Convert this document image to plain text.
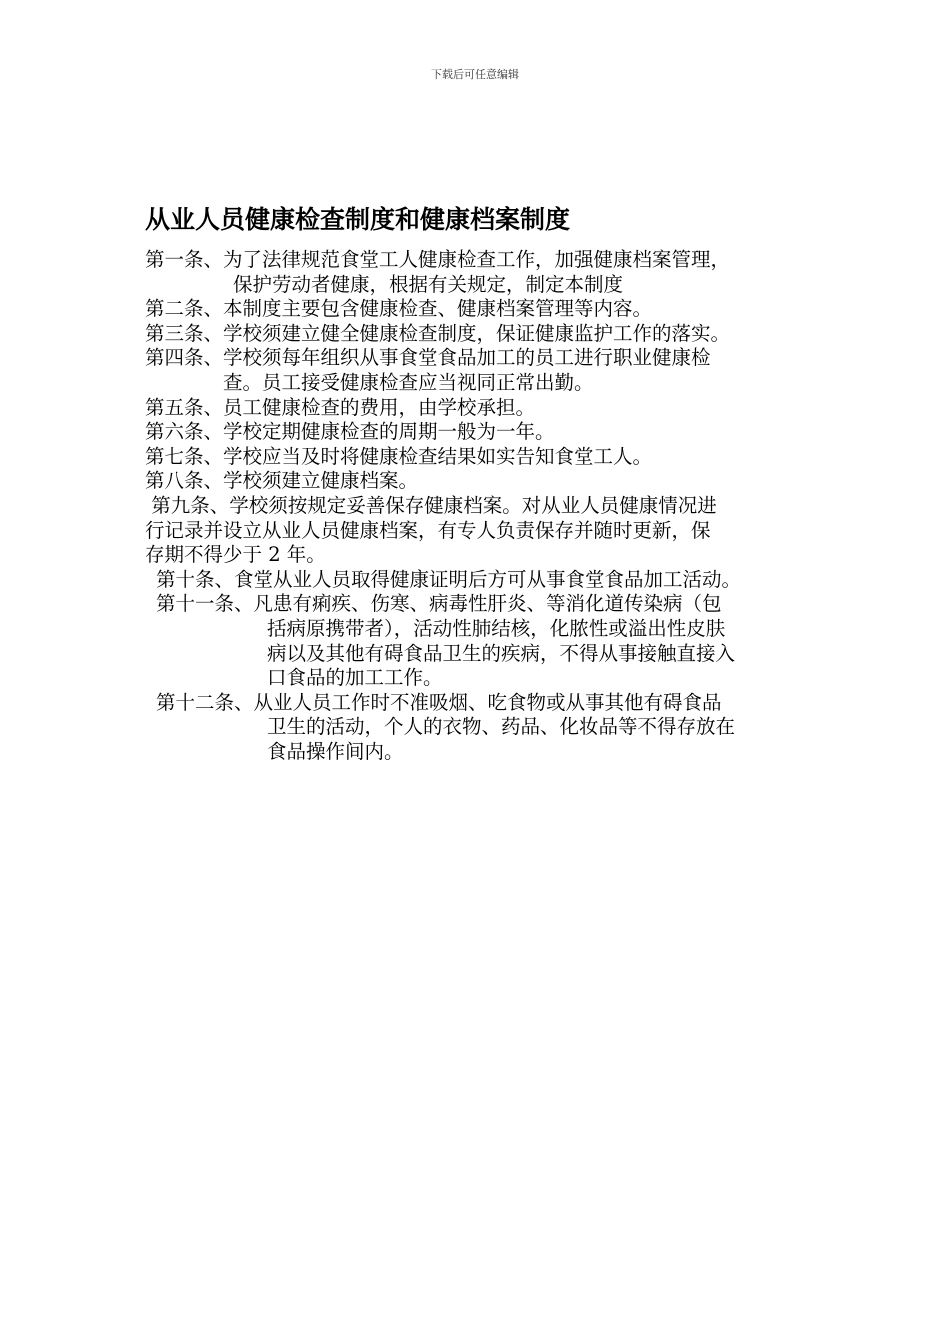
下载后可任意编辑
从业人员健康检查制度和健康档案制度
第一条、为了法律规范食堂工人健康检查工作，加强健康档案管理，
保护劳动者健康，根据有关规定，制定本制度
第二条、本制度主要包含健康检查、健康档案管理等内容。
第三条、学校须建立健全健康检查制度，保证健康监护工作的落实。
第四条、学校须每年组织从事食堂食品加工的员工进行职业健康检
查。员工接受健康检查应当视同正常出勤。
第五条、员工健康检查的费用，由学校承担。
第六条、学校定期健康检查的周期一般为一年。
第七条、学校应当及时将健康检查结果如实告知食堂工人。
第八条、学校须建立健康档案。
第九条、学校须按规定妥善保存健康档案。对从业人员健康情况进
行记录并设立从业人员健康档案，有专人负责保存并随时更新，保
存期不得少于 2 年。
第十条、食堂从业人员取得健康证明后方可从事食堂食品加工活动。
第十一条、凡患有痢疾、伤寒、病毒性肝炎、等消化道传染病（包
括病原携带者），活动性肺结核，化脓性或溢出性皮肤
病以及其他有碍食品卫生的疾病，不得从事接触直接入
口食品的加工工作。
第十二条、从业人员工作时不准吸烟、吃食物或从事其他有碍食品
卫生的活动，个人的衣物、药品、化妆品等不得存放在
食品操作间内。
